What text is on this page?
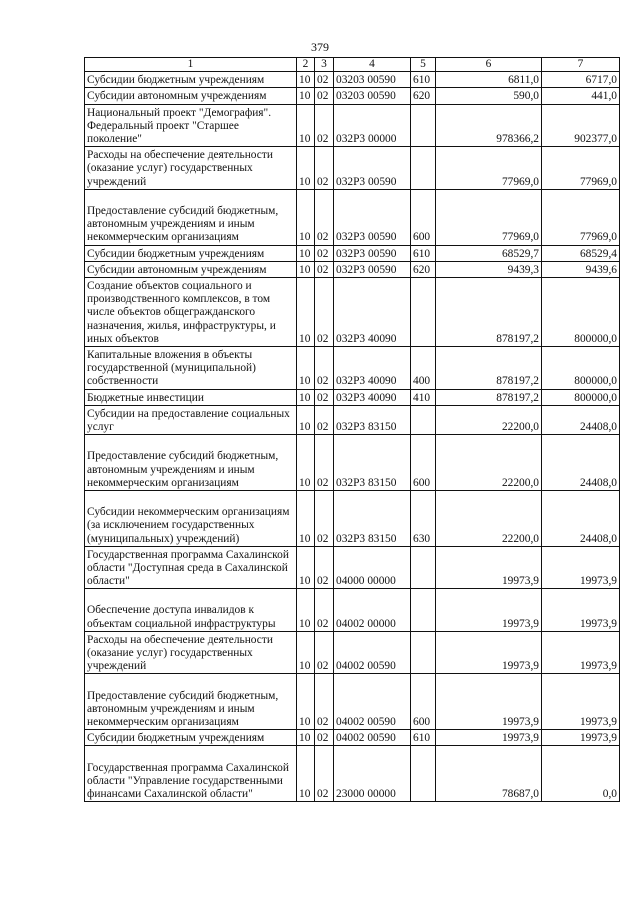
379
1	2	3	4	5	6	7
Субсидии бюджетным учреждениям	10	02	03203 00590	610	6811,0	6717,0
Субсидии автономным учреждениям	10	02	03203 00590	620	590,0	441,0
Национальный проект "Демография". Федеральный проект "Старшее поколение"	10	02	032P3 00000		978366,2	902377,0
Расходы на обеспечение деятельности (оказание услуг) государственных учреждений	10	02	032P3 00590		77969,0	77969,0
Предоставление субсидий бюджетным, автономным учреждениям и иным некоммерческим организациям	10	02	032P3 00590	600	77969,0	77969,0
Субсидии бюджетным учреждениям	10	02	032P3 00590	610	68529,7	68529,4
Субсидии автономным учреждениям	10	02	032P3 00590	620	9439,3	9439,6
Создание объектов социального и производственного комплексов, в том числе объектов общегражданского назначения, жилья, инфраструктуры, и иных объектов	10	02	032P3 40090		878197,2	800000,0
Капитальные вложения в объекты государственной (муниципальной) собственности	10	02	032P3 40090	400	878197,2	800000,0
Бюджетные инвестиции	10	02	032P3 40090	410	878197,2	800000,0
Субсидии на предоставление социальных услуг	10	02	032P3 83150		22200,0	24408,0
Предоставление субсидий бюджетным, автономным учреждениям и иным некоммерческим организациям	10	02	032P3 83150	600	22200,0	24408,0
Субсидии некоммерческим организациям (за исключением государственных (муниципальных) учреждений)	10	02	032P3 83150	630	22200,0	24408,0
Государственная программа Сахалинской области "Доступная среда в Сахалинской области"	10	02	04000 00000		19973,9	19973,9
Обеспечение доступа инвалидов к объектам социальной инфраструктуры	10	02	04002 00000		19973,9	19973,9
Расходы на обеспечение деятельности (оказание услуг) государственных учреждений	10	02	04002 00590		19973,9	19973,9
Предоставление субсидий бюджетным, автономным учреждениям и иным некоммерческим организациям	10	02	04002 00590	600	19973,9	19973,9
Субсидии бюджетным учреждениям	10	02	04002 00590	610	19973,9	19973,9
Государственная программа Сахалинской области "Управление государственными финансами Сахалинской области"	10	02	23000 00000		78687,0	0,0
